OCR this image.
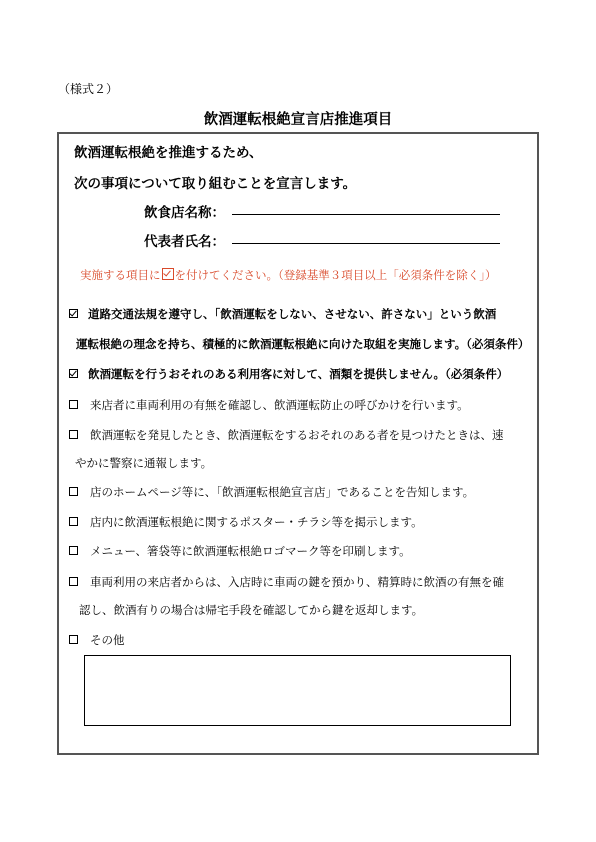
（様式２）
飲酒運転根絶宣言店推進項目
飲酒運転根絶を推進するため、
次の事項について取り組むことを宣言します。
飲食店名称：
代表者氏名：
実施する項目に を付けてください。（登録基準３項目以上「必須条件を除く」）
道路交通法規を遵守し、「飲酒運転をしない、させない、許さない」という飲酒
運転根絶の理念を持ち、積極的に飲酒運転根絶に向けた取組を実施します。（必須条件）
飲酒運転を行うおそれのある利用客に対して、酒類を提供しません。（必須条件）
来店者に車両利用の有無を確認し、飲酒運転防止の呼びかけを行います。
飲酒運転を発見したとき、飲酒運転をするおそれのある者を見つけたときは、速
やかに警察に通報します。
店のホームページ等に、「飲酒運転根絶宣言店」であることを告知します。
店内に飲酒運転根絶に関するポスター・チラシ等を掲示します。
メニュー、箸袋等に飲酒運転根絶ロゴマーク等を印刷します。
車両利用の来店者からは、入店時に車両の鍵を預かり、精算時に飲酒の有無を確
認し、飲酒有りの場合は帰宅手段を確認してから鍵を返却します。
その他
